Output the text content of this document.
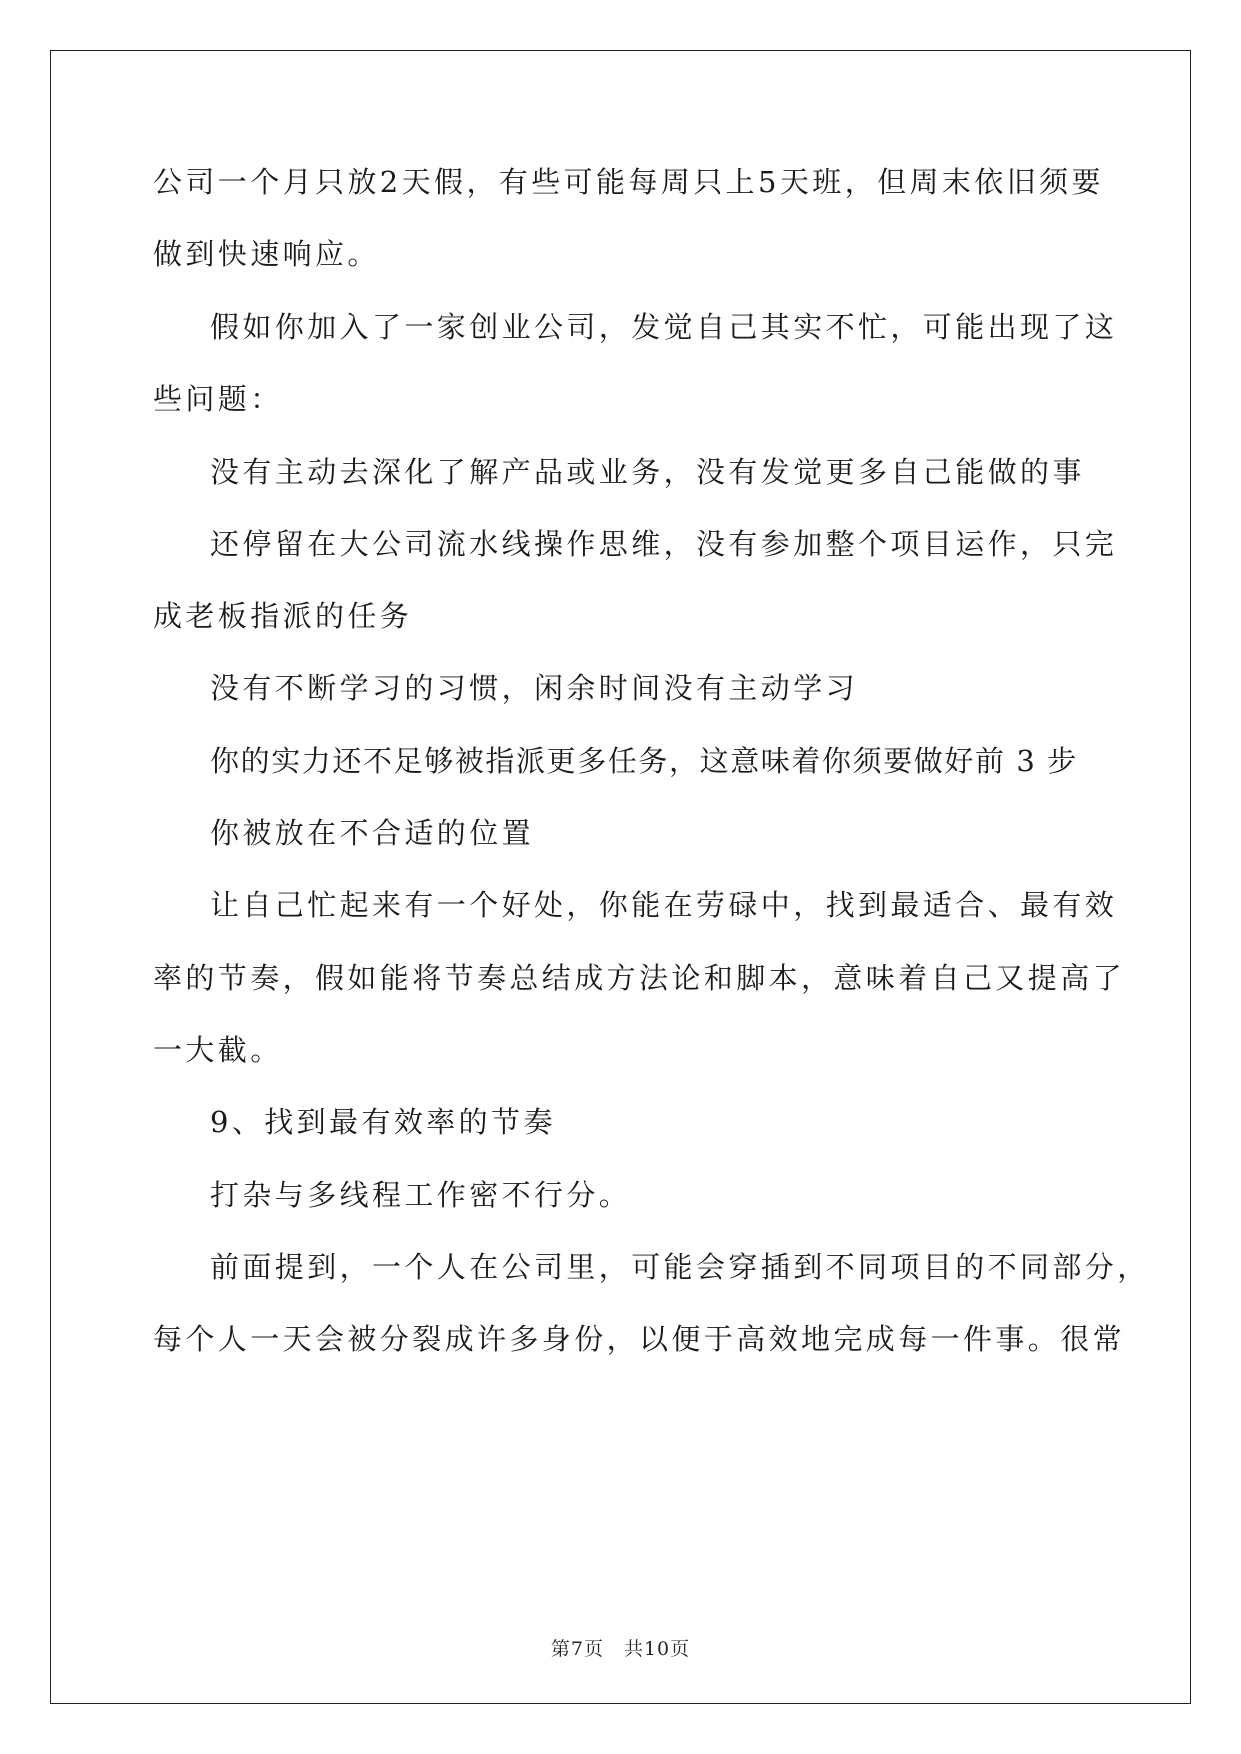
公司一个月只放2天假，有些可能每周只上5天班，但周末依旧须要
做到快速响应。
假如你加入了一家创业公司，发觉自己其实不忙，可能出现了这
些问题：
没有主动去深化了解产品或业务，没有发觉更多自己能做的事
还停留在大公司流水线操作思维，没有参加整个项目运作，只完
成老板指派的任务
没有不断学习的习惯，闲余时间没有主动学习
你的实力还不足够被指派更多任务，这意味着你须要做好前 3 步
你被放在不合适的位置
让自己忙起来有一个好处，你能在劳碌中，找到最适合、最有效
率的节奏，假如能将节奏总结成方法论和脚本，意味着自己又提高了
一大截。
9、找到最有效率的节奏
打杂与多线程工作密不行分。
前面提到，一个人在公司里，可能会穿插到不同项目的不同部分，
每个人一天会被分裂成许多身份，以便于高效地完成每一件事。很常
第7页　共10页
